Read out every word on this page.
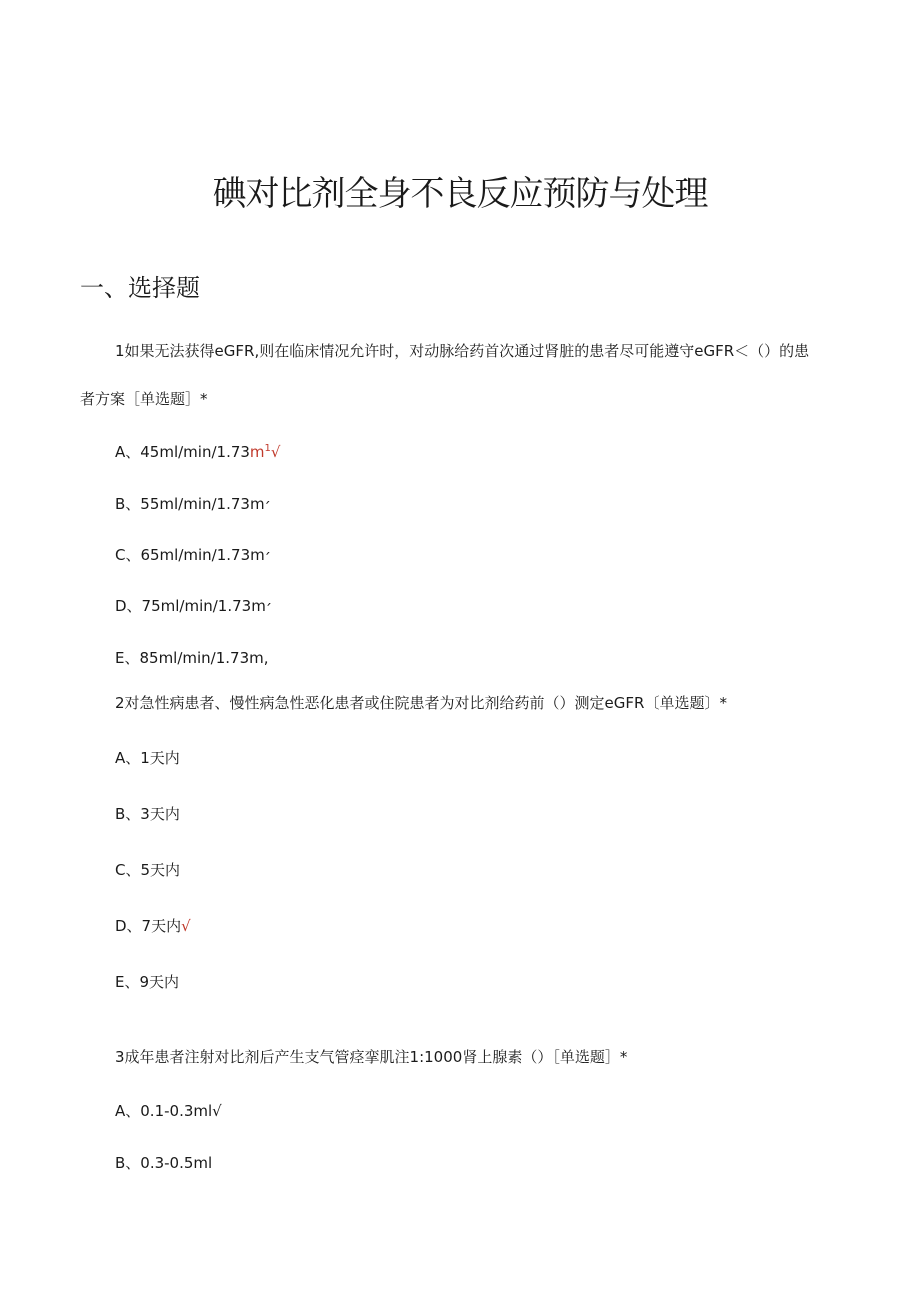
碘对比剂全身不良反应预防与处理
一、选择题

1如果无法获得eGFR,则在临床情况允许时，对动脉给药首次通过肾脏的患者尽可能遵守eGFR＜（）的患

者方案［单选题］*

A、$45ml∕\min∕1.73m^1√$

B、55ml∕min∕1.73m׳

C、65ml∕min∕1.73m׳

D、75ml∕min∕1.73m׳

E、85ml∕min∕1.73m,

2对急性病患者、慢性病急性恶化患者或住院患者为对比剂给药前（）测定eGFR〔单选题〕*

A、1天内

B、3天内

C、5天内

D、7天内√

E、9天内

3成年患者注射对比剂后产生支气管痉挛肌注1:1000肾上腺素（）［单选题］*

A、0.1-0.3ml√

B、0.3-0.5ml
